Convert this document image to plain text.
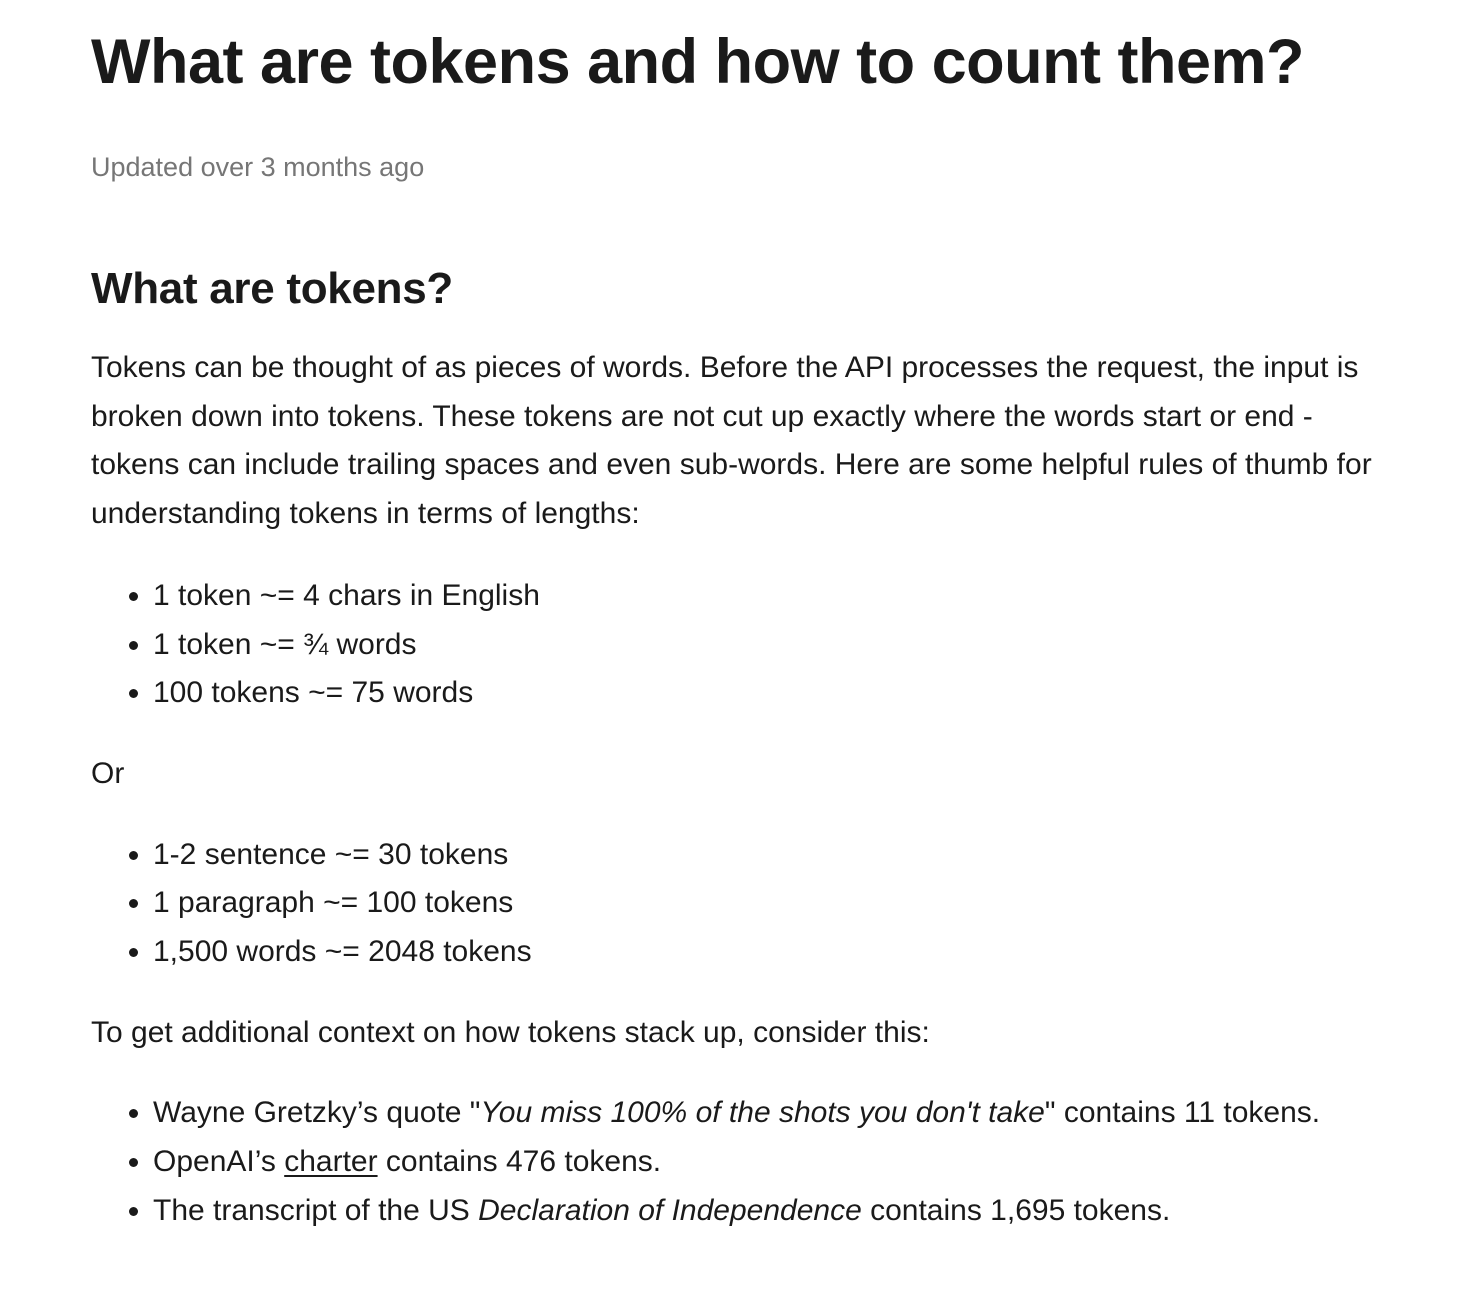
What are tokens and how to count them?
Updated over 3 months ago
What are tokens?

Tokens can be thought of as pieces of words. Before the API processes the request, the input is broken down into tokens. These tokens are not cut up exactly where the words start or end - tokens can include trailing spaces and even sub-words. Here are some helpful rules of thumb for understanding tokens in terms of lengths:

• 1 token ~= 4 chars in English
• 1 token ~= ¾ words
• 100 tokens ~= 75 words

Or

• 1-2 sentence ~= 30 tokens
• 1 paragraph ~= 100 tokens
• 1,500 words ~= 2048 tokens

To get additional context on how tokens stack up, consider this:

• Wayne Gretzky’s quote "You miss 100% of the shots you don't take" contains 11 tokens.
• OpenAI’s charter contains 476 tokens.
• The transcript of the US Declaration of Independence contains 1,695 tokens.
